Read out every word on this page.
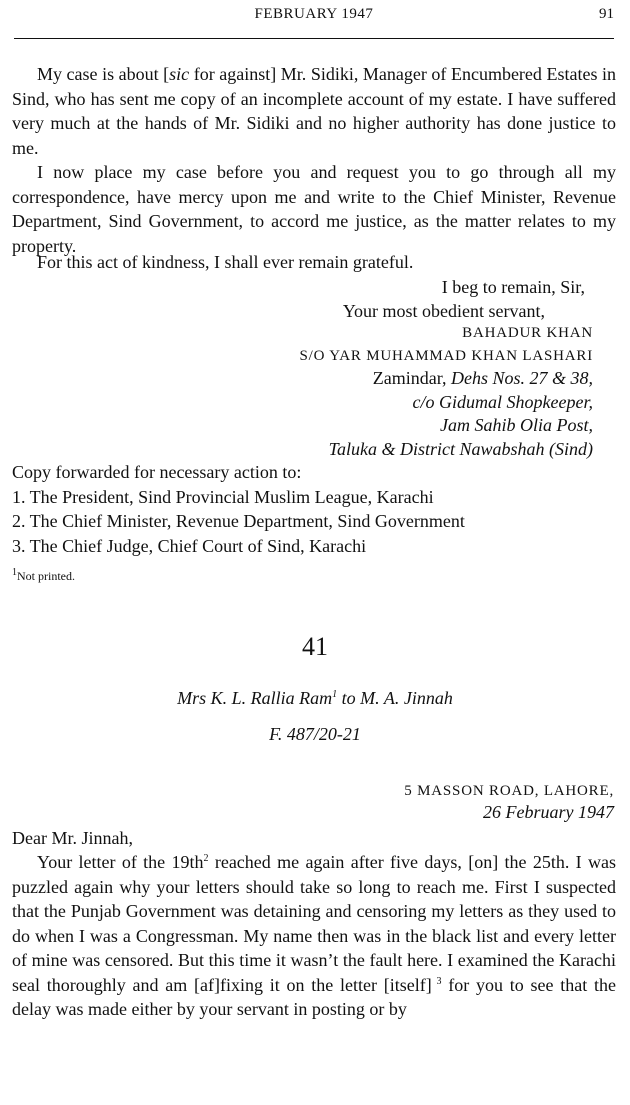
FEBRUARY 1947	91

My case is about [sic for against] Mr. Sidiki, Manager of Encumbered Estates in Sind, who has sent me copy of an incomplete account of my estate. I have suffered very much at the hands of Mr. Sidiki and no higher authority has done justice to me.

I now place my case before you and request you to go through all my correspondence, have mercy upon me and write to the Chief Minister, Revenue Department, Sind Government, to accord me justice, as the matter relates to my property.

For this act of kindness, I shall ever remain grateful.

I beg to remain, Sir,
Your most obedient servant,
BAHADUR KHAN
S/O YAR MUHAMMAD KHAN LASHARI
Zamindar, Dehs Nos. 27 & 38,
c/o Gidumal Shopkeeper,
Jam Sahib Olia Post,
Taluka & District Nawabshah (Sind)
Copy forwarded for necessary action to:
1. The President, Sind Provincial Muslim League, Karachi
2. The Chief Minister, Revenue Department, Sind Government
3. The Chief Judge, Chief Court of Sind, Karachi
$^1$Not printed.
41
Mrs K. L. Rallia Ram$^1$ to M. A. Jinnah
F. 487/20-21
5 MASSON ROAD, LAHORE,
26 February 1947
Dear Mr. Jinnah,

Your letter of the $19th^2$ reached me again after five days, [on] the 25th. I was puzzled again why your letters should take so long to reach me. First I suspected that the Punjab Government was detaining and censoring my letters as they used to do when I was a Congressman. My name then was in the black list and every letter of mine was censored. But this time it wasn’t the fault here. I examined the Karachi seal thoroughly and am [af]fixing it on the letter [itself] $^3$ for you to see that the delay was made either by your servant in posting or by
